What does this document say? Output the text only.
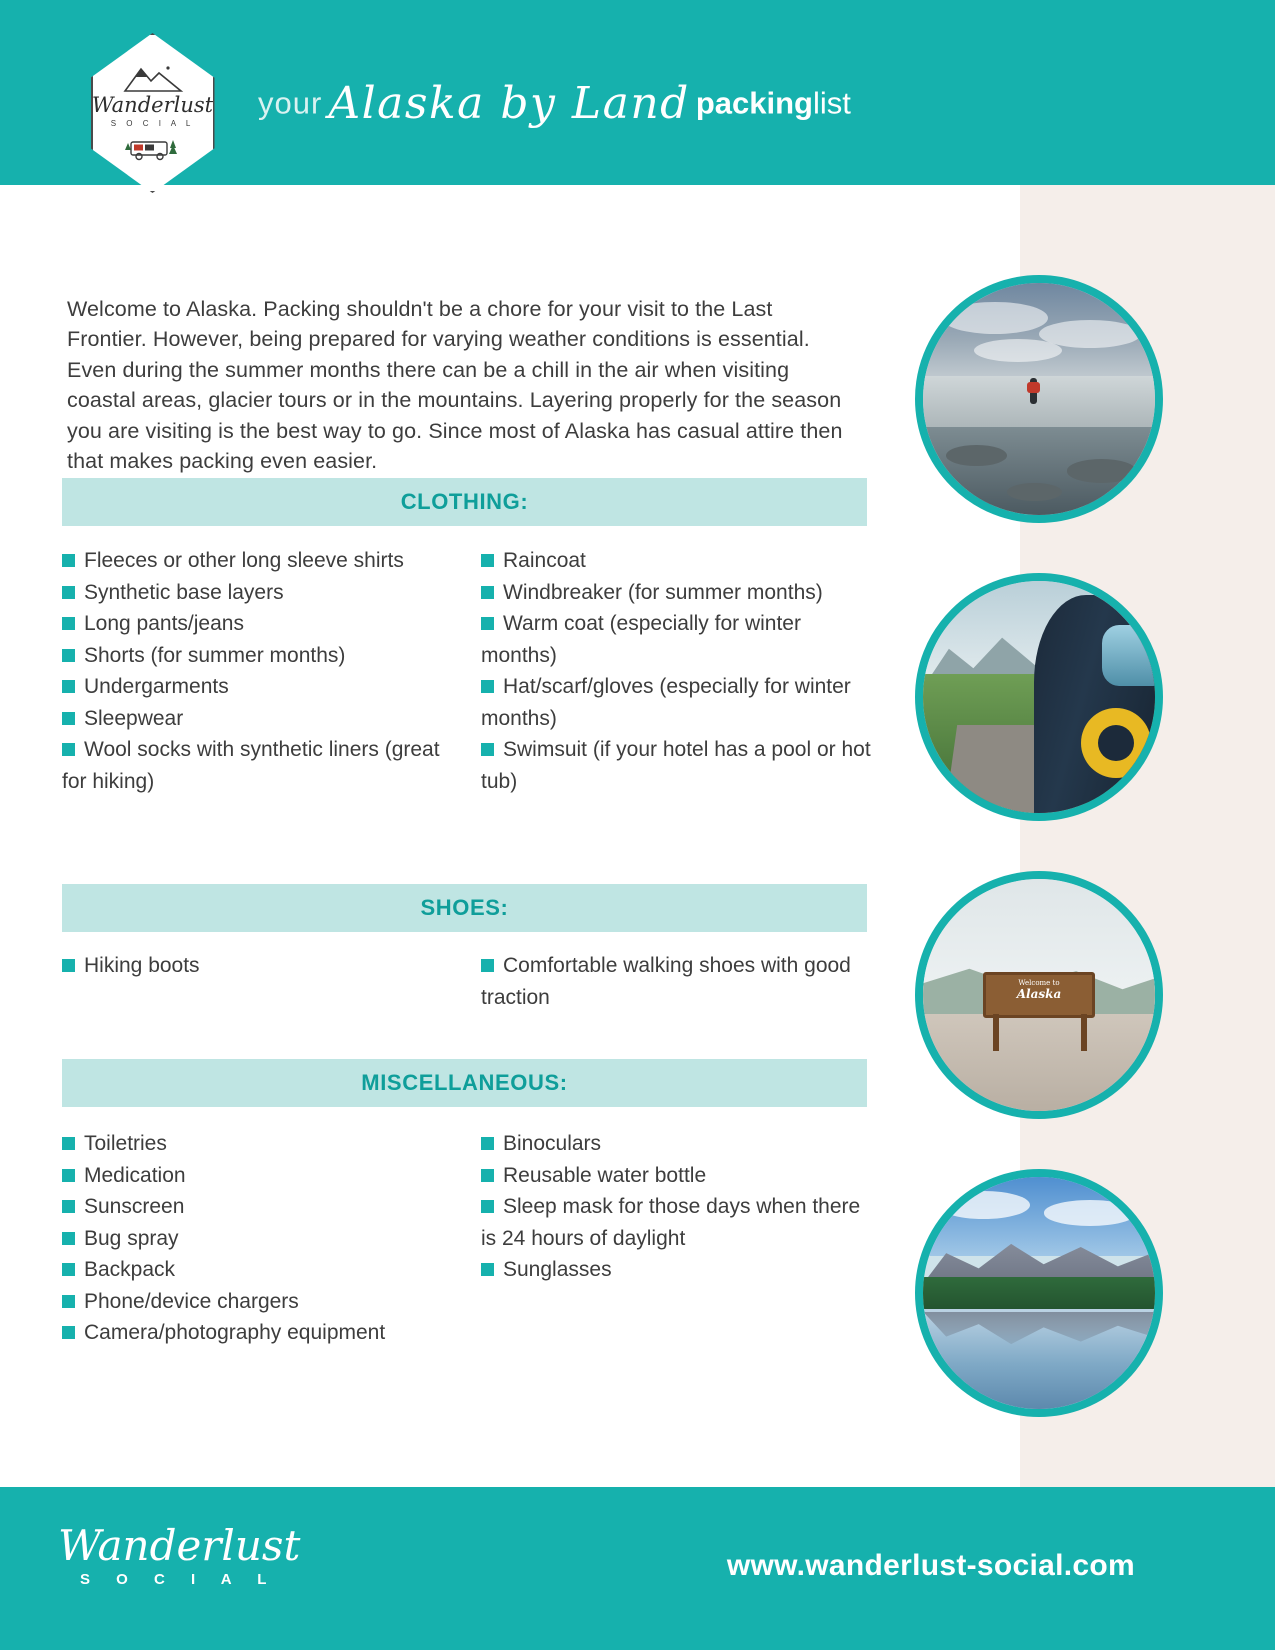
your Alaska by Land packinglist
Wanderlust
S O C I A L

Welcome to Alaska. Packing shouldn't be a chore for your visit to the Last Frontier. However, being prepared for varying weather conditions is essential. Even during the summer months there can be a chill in the air when visiting coastal areas, glacier tours or in the mountains. Layering properly for the season you are visiting is the best way to go. Since most of Alaska has casual attire then that makes packing even easier.

CLOTHING:
Fleeces or other long sleeve shirts
Synthetic base layers
Long pants/jeans
Shorts (for summer months)
Undergarments
Sleepwear
Wool socks with synthetic liners (great for hiking)
Raincoat
Windbreaker (for summer months)
Warm coat (especially for winter months)
Hat/scarf/gloves (especially for winter months)
Swimsuit (if your hotel has a pool or hot tub)
SHOES:
Hiking boots	Comfortable walking shoes with good traction
MISCELLANEOUS:
Toiletries
Medication
Sunscreen
Bug spray
Backpack
Phone/device chargers
Camera/photography equipment
Binoculars
Reusable water bottle
Sleep mask for those days when there is 24 hours of daylight
Sunglasses
Welcome to
Alaska
Wanderlust
S O C I A L	www.wanderlust-social.com
